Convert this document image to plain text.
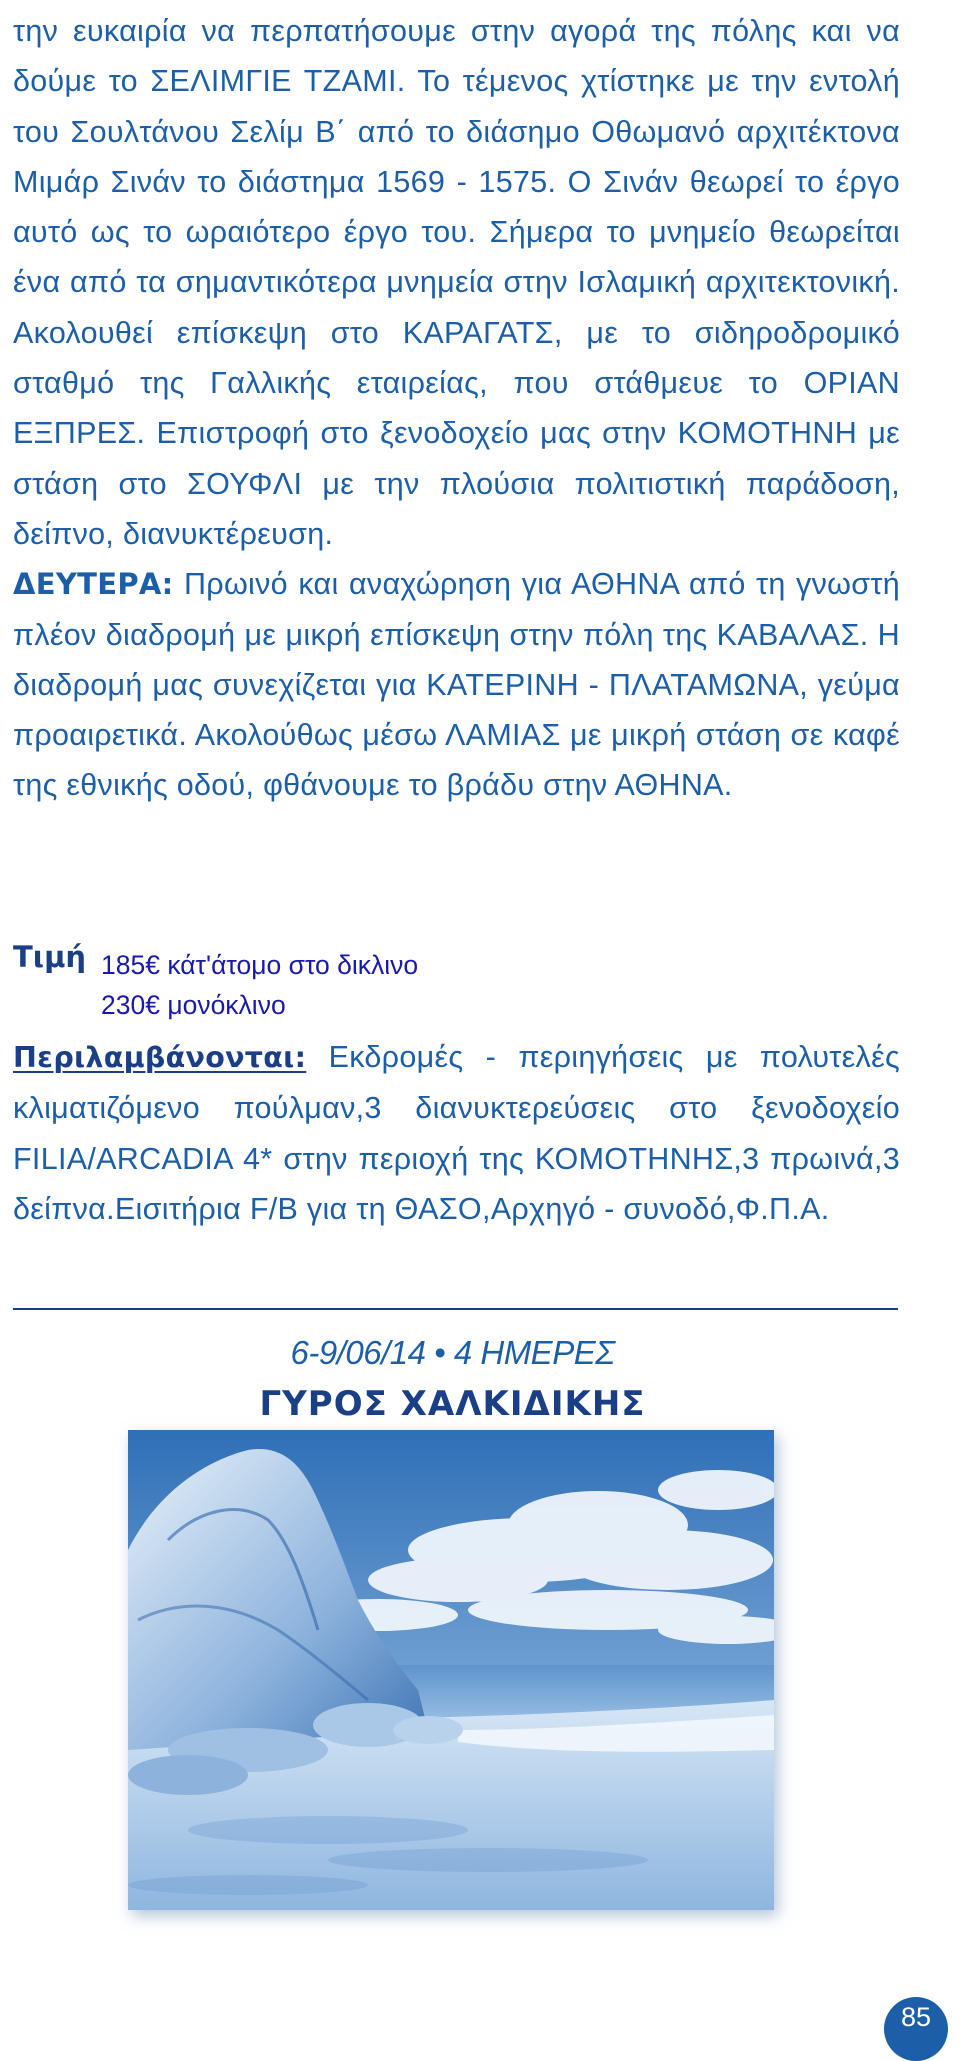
την ευκαιρία να περπατήσουμε στην αγορά της πόλης και να δούμε το ΣΕΛΙΜΓΙΕ ΤΖΑΜΙ. Το τέμενος χτίστηκε με την εντολή του Σουλτάνου Σελίμ Β΄ από το διάσημο Οθωμανό αρχιτέκτονα Μιμάρ Σινάν το διάστημα 1569 - 1575. Ο Σινάν θεωρεί το έργο αυτό ως το ωραιότερο έργο του. Σήμερα το μνημείο θεωρείται ένα από τα σημαντικότερα μνημεία στην Ισλαμική αρχιτεκτονική. Ακολουθεί επίσκεψη στο ΚΑΡΑΓΑΤΣ, με το σιδηροδρομικό σταθμό της Γαλλικής εταιρείας, που στάθμευε το ΟΡΙΑΝ ΕΞΠΡΕΣ. Επιστροφή στο ξενοδοχείο μας στην ΚΟΜΟΤΗΝΗ με στάση στο ΣΟΥΦΛΙ με την πλούσια πολιτιστική παράδοση, δείπνο, διανυκτέρευση.

ΔΕΥΤΕΡΑ: Πρωινό και αναχώρηση για ΑΘΗΝΑ από τη γνωστή πλέον διαδρομή με μικρή επίσκεψη στην πόλη της ΚΑΒΑΛΑΣ. Η διαδρομή μας συνεχίζεται για ΚΑΤΕΡΙΝΗ - ΠΛΑΤΑΜΩΝΑ, γεύμα προαιρετικά. Ακολούθως μέσω ΛΑΜΙΑΣ με μικρή στάση σε καφέ της εθνικής οδού, φθάνουμε το βράδυ στην ΑΘΗΝΑ.

Τιμή 185€ κάτ'άτομο στο δικλινο
230€ μονόκλινο

Περιλαμβάνονται: Εκδρομές - περιηγήσεις με πολυτελές κλιματιζόμενο πούλμαν,3 διανυκτερεύσεις στο ξενοδοχείο FILIA/ARCADIA 4* στην περιοχή της ΚΟΜΟΤΗΝΗΣ,3 πρωινά,3 δείπνα.Εισιτήρια F/B για τη ΘΑΣΟ,Αρχηγό - συνοδό,Φ.Π.Α.

6-9/06/14 • 4 ΗΜΕΡΕΣ
ΓΥΡΟΣ ΧΑΛΚΙΔΙΚΗΣ
85
